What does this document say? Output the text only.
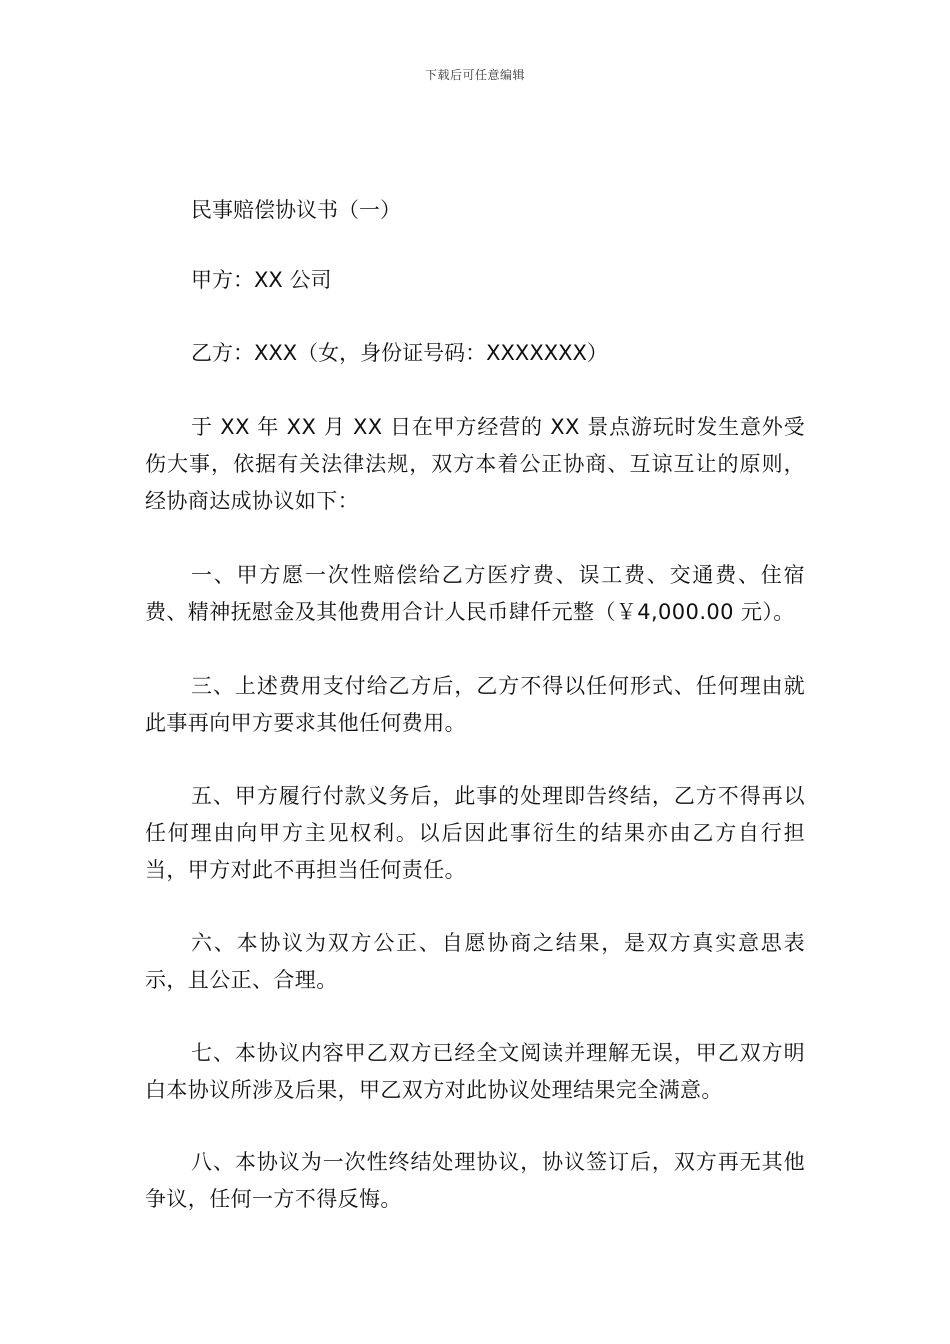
下载后可任意编辑
民事赔偿协议书（一）
甲方：XX 公司
乙方：XXX（女，身份证号码：XXXXXXX）
于 XX 年 XX 月 XX 日在甲方经营的 XX 景点游玩时发生意外受伤大事，依据有关法律法规，双方本着公正协商、互谅互让的原则，经协商达成协议如下：
一、甲方愿一次性赔偿给乙方医疗费、误工费、交通费、住宿费、精神抚慰金及其他费用合计人民币肆仟元整（￥4,000.00 元）。
三、上述费用支付给乙方后，乙方不得以任何形式、任何理由就此事再向甲方要求其他任何费用。
五、甲方履行付款义务后，此事的处理即告终结，乙方不得再以任何理由向甲方主见权利。以后因此事衍生的结果亦由乙方自行担当，甲方对此不再担当任何责任。
六、本协议为双方公正、自愿协商之结果，是双方真实意思表示，且公正、合理。
七、本协议内容甲乙双方已经全文阅读并理解无误，甲乙双方明白本协议所涉及后果，甲乙双方对此协议处理结果完全满意。
八、本协议为一次性终结处理协议，协议签订后，双方再无其他争议，任何一方不得反悔。
